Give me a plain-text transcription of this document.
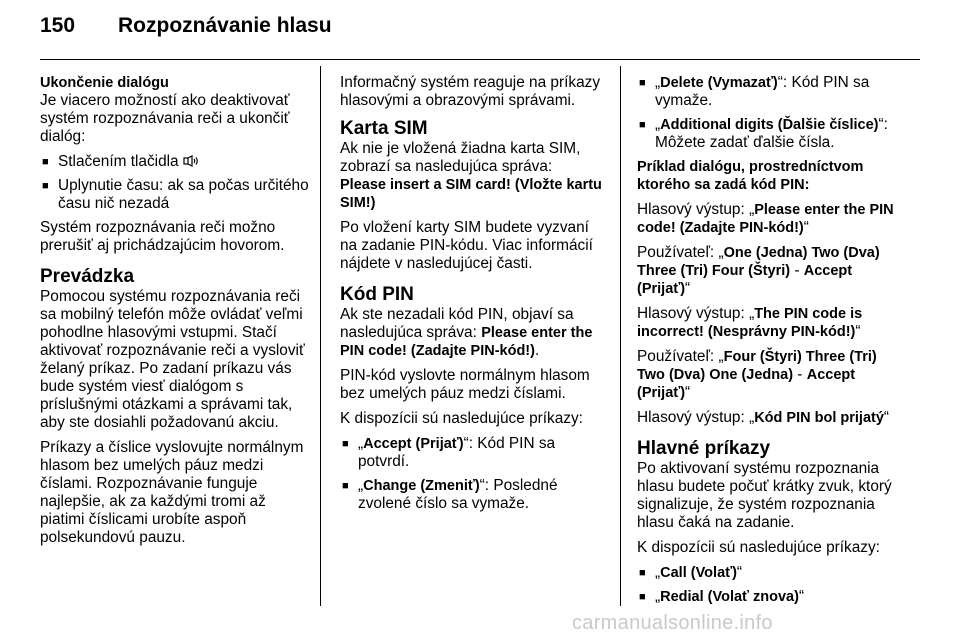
150 Rozpoznávanie hlasu
Ukončenie dialógu

Je viacero možností ako deaktivovať systém rozpoznávania reči a ukončiť dialóg:

■ Stlačením tlačidla
■ Uplynutie času: ak sa počas určitého času nič nezadá

Systém rozpoznávania reči možno prerušiť aj prichádzajúcim hovorom.

Prevádzka

Pomocou systému rozpoznávania reči sa mobilný telefón môže ovládať veľmi pohodlne hlasovými vstupmi. Stačí aktivovať rozpoznávanie reči a vysloviť želaný príkaz. Po zadaní príkazu vás bude systém viesť dialógom s príslušnými otázkami a správami tak, aby ste dosiahli požadovanú akciu.

Príkazy a číslice vyslovujte normálnym hlasom bez umelých páuz medzi číslami. Rozpoznávanie funguje najlepšie, ak za každými tromi až piatimi číslicami urobíte aspoň polsekundovú pauzu.

Informačný systém reaguje na príkazy hlasovými a obrazovými správami.

Karta SIM

Ak nie je vložená žiadna karta SIM, zobrazí sa nasledujúca správa:

Please insert a SIM card! (Vložte kartu SIM!)

Po vložení karty SIM budete vyzvaní na zadanie PIN-kódu. Viac informácií nájdete v nasledujúcej časti.

Kód PIN

Ak ste nezadali kód PIN, objaví sa nasledujúca správa: Please enter the PIN code! (Zadajte PIN-kód!).

PIN-kód vyslovte normálnym hlasom bez umelých páuz medzi číslami.

K dispozícii sú nasledujúce príkazy:

■ „Accept (Prijať)“: Kód PIN sa potvrdí.
■ „Change (Zmeniť)“: Posledné zvolené číslo sa vymaže.
■ „Delete (Vymazať)“: Kód PIN sa vymaže.
■ „Additional digits (Ďalšie číslice)“: Môžete zadať ďalšie čísla.
Príklad dialógu, prostredníctvom ktorého sa zadá kód PIN:

Hlasový výstup: „Please enter the PIN code! (Zadajte PIN-kód!)“

Používateľ: „One (Jedna) Two (Dva) Three (Tri) Four (Štyri) - Accept (Prijať)“

Hlasový výstup: „The PIN code is incorrect! (Nesprávny PIN-kód!)“

Používateľ: „Four (Štyri) Three (Tri) Two (Dva) One (Jedna) - Accept (Prijať)“

Hlasový výstup: „Kód PIN bol prijatý“

Hlavné príkazy

Po aktivovaní systému rozpoznania hlasu budete počuť krátky zvuk, ktorý signalizuje, že systém rozpoznania hlasu čaká na zadanie.

K dispozícii sú nasledujúce príkazy:

■ „Call (Volať)“
■ „Redial (Volať znova)“
carmanualsonline.info
